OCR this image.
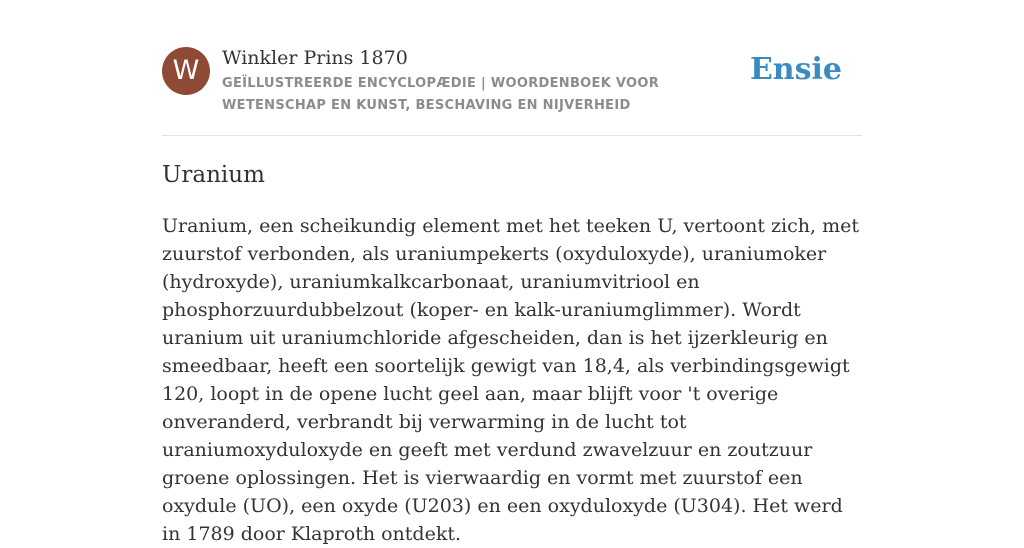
W	Winkler Prins 1870
GEÏLLUSTREERDE ENCYCLOPÆDIE | WOORDENBOEK VOOR WETENSCHAP EN KUNST, BESCHAVING EN NIJVERHEID
Ensie
Uranium

Uranium, een scheikundig element met het teeken U, vertoont zich, met zuurstof verbonden, als uraniumpekerts (oxyduloxyde), uraniumoker (hydroxyde), uraniumkalkcarbonaat, uraniumvitriool en phosphorzuurdubbelzout (koper- en kalk-uraniumglimmer). Wordt uranium uit uraniumchloride afgescheiden, dan is het ijzerkleurig en smeedbaar, heeft een soortelijk gewigt van 18,4, als verbindingsgewigt 120, loopt in de opene lucht geel aan, maar blijft voor 't overige onveranderd, verbrandt bij verwarming in de lucht tot uraniumoxyduloxyde en geeft met verdund zwavelzuur en zoutzuur groene oplossingen. Het is vierwaardig en vormt met zuurstof een oxydule (UO), een oxyde (U203) en een oxyduloxyde (U304). Het werd in 1789 door Klaproth ontdekt.
